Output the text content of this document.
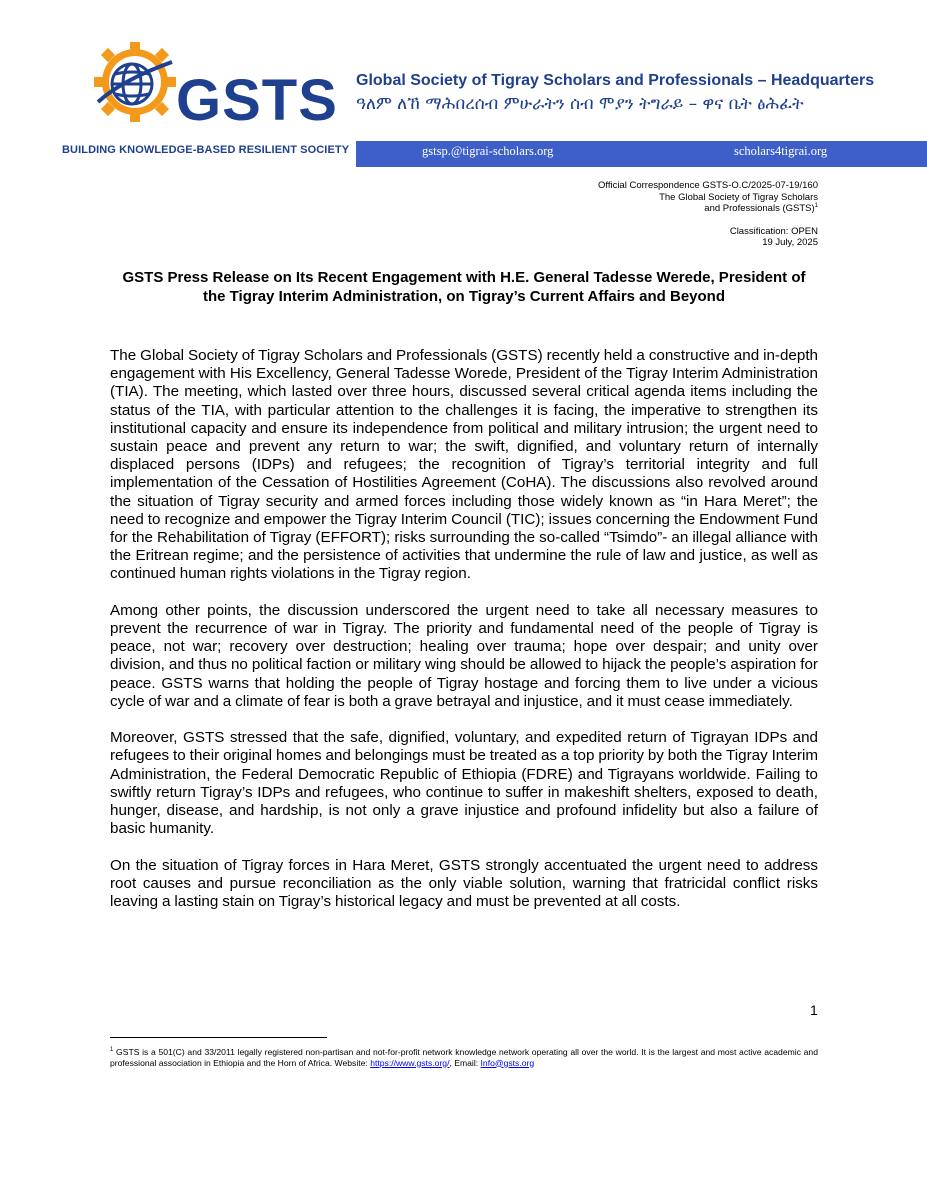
GSTS
BUILDING KNOWLEDGE-BASED RESILIENT SOCIETY
Global Society of Tigray Scholars and Professionals – Headquarters
ዓለም ለኸ ማሕበረሰብ ምሁራትን ሰብ ሞያን ትግራይ – ዋና ቤት ፅሕፈት
gstsp.@tigrai-scholars.org	scholars4tigrai.org
Official Correspondence GSTS-O.C/2025-07-19/160
The Global Society of Tigray Scholars
and Professionals (GSTS)$^1$
Classification: OPEN
19 July, 2025
GSTS Press Release on Its Recent Engagement with H.E. General Tadesse Werede, President of the Tigray Interim Administration, on Tigray’s Current Affairs and Beyond

The Global Society of Tigray Scholars and Professionals (GSTS) recently held a constructive and in-depth engagement with His Excellency, General Tadesse Worede, President of the Tigray Interim Administration (TIA). The meeting, which lasted over three hours, discussed several critical agenda items including the status of the TIA, with particular attention to the challenges it is facing, the imperative to strengthen its institutional capacity and ensure its independence from political and military intrusion; the urgent need to sustain peace and prevent any return to war; the swift, dignified, and voluntary return of internally displaced persons (IDPs) and refugees; the recognition of Tigray’s territorial integrity and full implementation of the Cessation of Hostilities Agreement (CoHA). The discussions also revolved around the situation of Tigray security and armed forces including those widely known as “in Hara Meret”; the need to recognize and empower the Tigray Interim Council (TIC); issues concerning the Endowment Fund for the Rehabilitation of Tigray (EFFORT); risks surrounding the so-called “Tsimdo”- an illegal alliance with the Eritrean regime; and the persistence of activities that undermine the rule of law and justice, as well as continued human rights violations in the Tigray region.

Among other points, the discussion underscored the urgent need to take all necessary measures to prevent the recurrence of war in Tigray. The priority and fundamental need of the people of Tigray is peace, not war; recovery over destruction; healing over trauma; hope over despair; and unity over division, and thus no political faction or military wing should be allowed to hijack the people’s aspiration for peace. GSTS warns that holding the people of Tigray hostage and forcing them to live under a vicious cycle of war and a climate of fear is both a grave betrayal and injustice, and it must cease immediately.

Moreover, GSTS stressed that the safe, dignified, voluntary, and expedited return of Tigrayan IDPs and refugees to their original homes and belongings must be treated as a top priority by both the Tigray Interim Administration, the Federal Democratic Republic of Ethiopia (FDRE) and Tigrayans worldwide. Failing to swiftly return Tigray’s IDPs and refugees, who continue to suffer in makeshift shelters, exposed to death, hunger, disease, and hardship, is not only a grave injustice and profound infidelity but also a failure of basic humanity.

On the situation of Tigray forces in Hara Meret, GSTS strongly accentuated the urgent need to address root causes and pursue reconciliation as the only viable solution, warning that fratricidal conflict risks leaving a lasting stain on Tigray’s historical legacy and must be prevented at all costs.

1
$^1$ GSTS is a 501(C) and 33/2011 legally registered non-partisan and not-for-profit network knowledge network operating all over the world. It is the largest and most active academic and professional association in Ethiopia and the Horn of Africa. Website: https://www.gsts.org/, Email: Info@gsts.org
